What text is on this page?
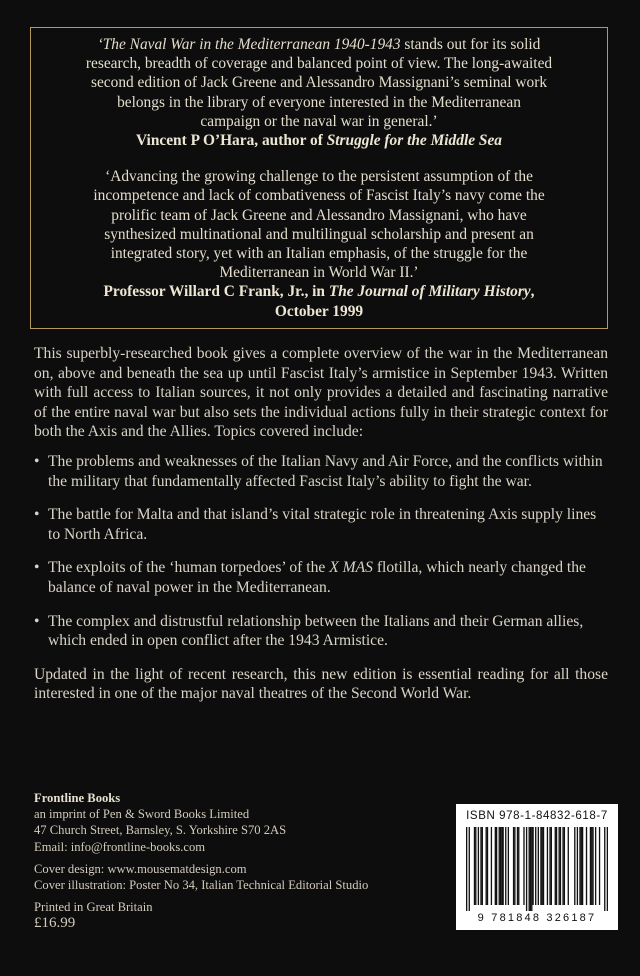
‘The Naval War in the Mediterranean 1940-1943 stands out for its solid
research, breadth of coverage and balanced point of view. The long-awaited
second edition of Jack Greene and Alessandro Massignani’s seminal work
belongs in the library of everyone interested in the Mediterranean
campaign or the naval war in general.’
Vincent P O’Hara, author of Struggle for the Middle Sea
‘Advancing the growing challenge to the persistent assumption of the
incompetence and lack of combativeness of Fascist Italy’s navy come the
prolific team of Jack Greene and Alessandro Massignani, who have
synthesized multinational and multilingual scholarship and present an
integrated story, yet with an Italian emphasis, of the struggle for the
Mediterranean in World War II.’
Professor Willard C Frank, Jr., in The Journal of Military History,
October 1999

This superbly-researched book gives a complete overview of the war in the Mediterranean on, above and beneath the sea up until Fascist Italy’s armistice in September 1943. Written with full access to Italian sources, it not only provides a detailed and fascinating narrative of the entire naval war but also sets the individual actions fully in their strategic context for both the Axis and the Allies. Topics covered include:

• The problems and weaknesses of the Italian Navy and Air Force, and the conflicts within the military that fundamentally affected Fascist Italy’s ability to fight the war.
• The battle for Malta and that island’s vital strategic role in threatening Axis supply lines to North Africa.
• The exploits of the ‘human torpedoes’ of the X MAS flotilla, which nearly changed the balance of naval power in the Mediterranean.
• The complex and distrustful relationship between the Italians and their German allies, which ended in open conflict after the 1943 Armistice.

Updated in the light of recent research, this new edition is essential reading for all those interested in one of the major naval theatres of the Second World War.

Frontline Books
an imprint of Pen & Sword Books Limited
47 Church Street, Barnsley, S. Yorkshire S70 2AS
Email: info@frontline-books.com
Cover design: www.mousematdesign.com
Cover illustration: Poster No 34, Italian Technical Editorial Studio
Printed in Great Britain
£16.99
ISBN 978-1-84832-618-7
9 781848 326187
